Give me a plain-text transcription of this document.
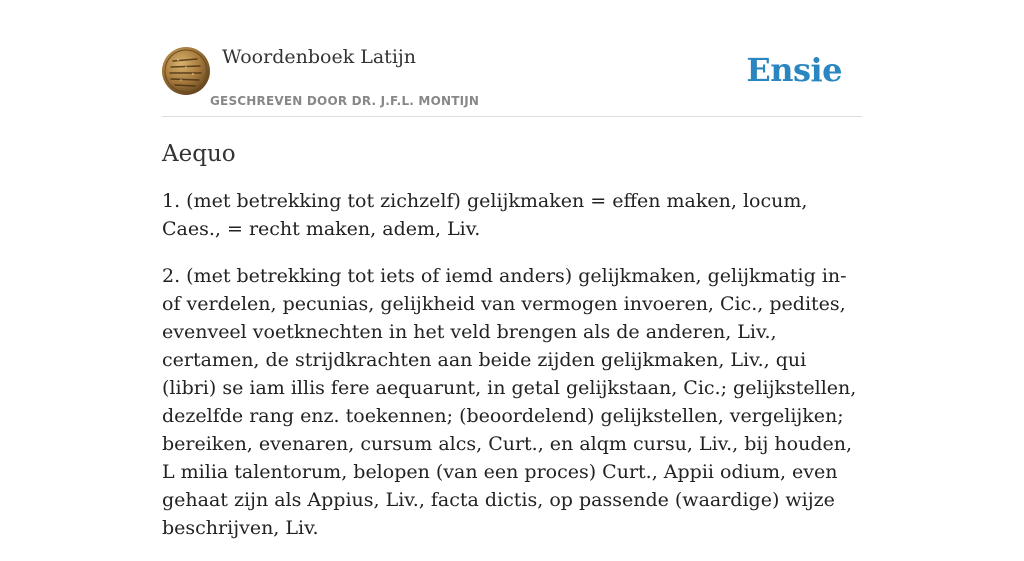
Woordenboek Latijn
GESCHREVEN DOOR DR. J.F.L. MONTIJN
Ensie
Aequo

1. (met betrekking tot zichzelf) gelijkmaken = effen maken, locum, Caes., = recht maken, adem, Liv.

2. (met betrekking tot iets of iemd anders) gelijkmaken, gelijkmatig in- of verdelen, pecunias, gelijkheid van vermogen invoeren, Cic., pedites, evenveel voetknechten in het veld brengen als de anderen, Liv., certamen, de strijdkrachten aan beide zijden gelijkmaken, Liv., qui (libri) se iam illis fere aequarunt, in getal gelijkstaan, Cic.; gelijkstellen, dezelfde rang enz. toekennen; (beoordelend) gelijkstellen, vergelijken; bereiken, evenaren, cursum alcs, Curt., en alqm cursu, Liv., bij houden, L milia talentorum, belopen (van een proces) Curt., Appii odium, even gehaat zijn als Appius, Liv., facta dictis, op passende (waardige) wijze beschrijven, Liv.
